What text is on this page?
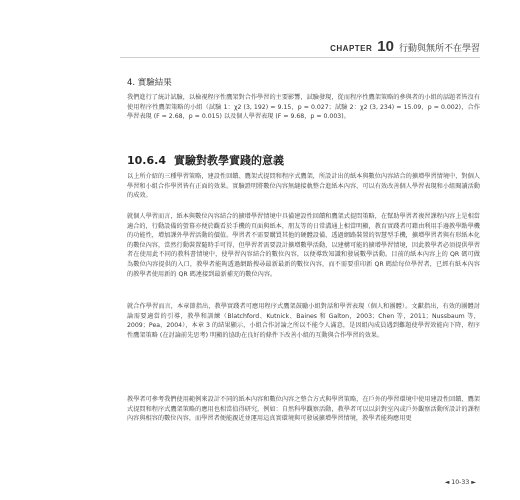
CHAPTER 10 行動與無所不在學習
4. 實驗結果

我們進行了統計試驗，以檢視程序性鷹架對合作學習的主要影響，試驗發現，從而程序性鷹架策略的參與者的小組的話題者皆沒有使用程序性鷹架策略的小組（試驗 1：χ2 (3, 192) = 9.15，p = 0.027；試驗 2：χ2 (3, 234) = 15.09，p = 0.002)，合作學習表現 (F = 2.68，p = 0.015) 以及個人學習表現 (F = 9.68，p = 0.003)。

10.6.4 實驗對教學實踐的意義

以上所介紹的三種學習策略，建設性回饋、鷹架式提問和程序式鷹架，所設計出的紙本與數位內容結合的擴增學習情境中，對個人學習和小組合作學習皆有正面的效果。實驗證明將數位內容無縫接軌整合進紙本內容，可以有效改善個人學習表現和小組閱讀活動的成效。

就個人學習而言，紙本與數位內容結合的擴增學習情境中具備建設性回饋和鷹架式提問策略，在幫助學習者複習課程內容上是相當適合的，行動設備的螢幕亦便於觀看於手機的頁面與紙本，朋友等的日常溝通上相當明顯，教育實踐者可藉由利用手邊教學點學機的功能性，增加課外學習活動的價值。學習者不需要購買其他的硬體設備，透過網路裝置的智慧型手機，擴增學習者與有形紙本化的數位內容，當然行動裝置隨時手可得，但學習者需要設計擴增數學活動，以建構可能的擴增學習情境，因此教學者必須提供學習者在使用此不同的教科書情境中，使學習內容結合的數位內容，以便導致知識和發展數學活動。目前的紙本內容上的 QR 碼可做為數位內容提供的入口，教學者能夠透過網路搜尋最新最新的數位內容，而不需要重印新 QR 碼給每位學習者，已經有紙本內容的教學者使用新的 QR 碼連接到最新補充的數位內容。

就合作學習而言，本章節指出，教學實踐者可應用程序式鷹架鼓勵小組對話和學習表現（個人和團體）。文獻指出，有效的團體討論需要適當的引導，教學和訓練（Blatchford、Kutnick、Baines 和 Galton，2003；Chen 等，2011；Nussbaum 等，2009；Pea，2004），本章 3 的結果顯示，小組合作討論之所以不能令人滿意，是因組內成員遇到難題使學習效能向下降，程序性鷹架策略 (在討論前先思考) 明顯的協助在良好的條件下改善小組的互動與合作學習的效果。

教學者可參考我們使用範例來設計不同的紙本內容和數位內容之整合方式與學習策略，在戶外的學習環境中使用建設性回饋、鷹架式提問和程序式鷹架策略的應用也相當值得研究，例如：自然科學觀察活動，教學者可以以針對室內或戶外觀察活動所設計的課程內容與相容的數位內容，而學習者便能親近並運用這真實環境與可發展擴增學習情境，教學者能夠應用更

◄ 10-33 ►
